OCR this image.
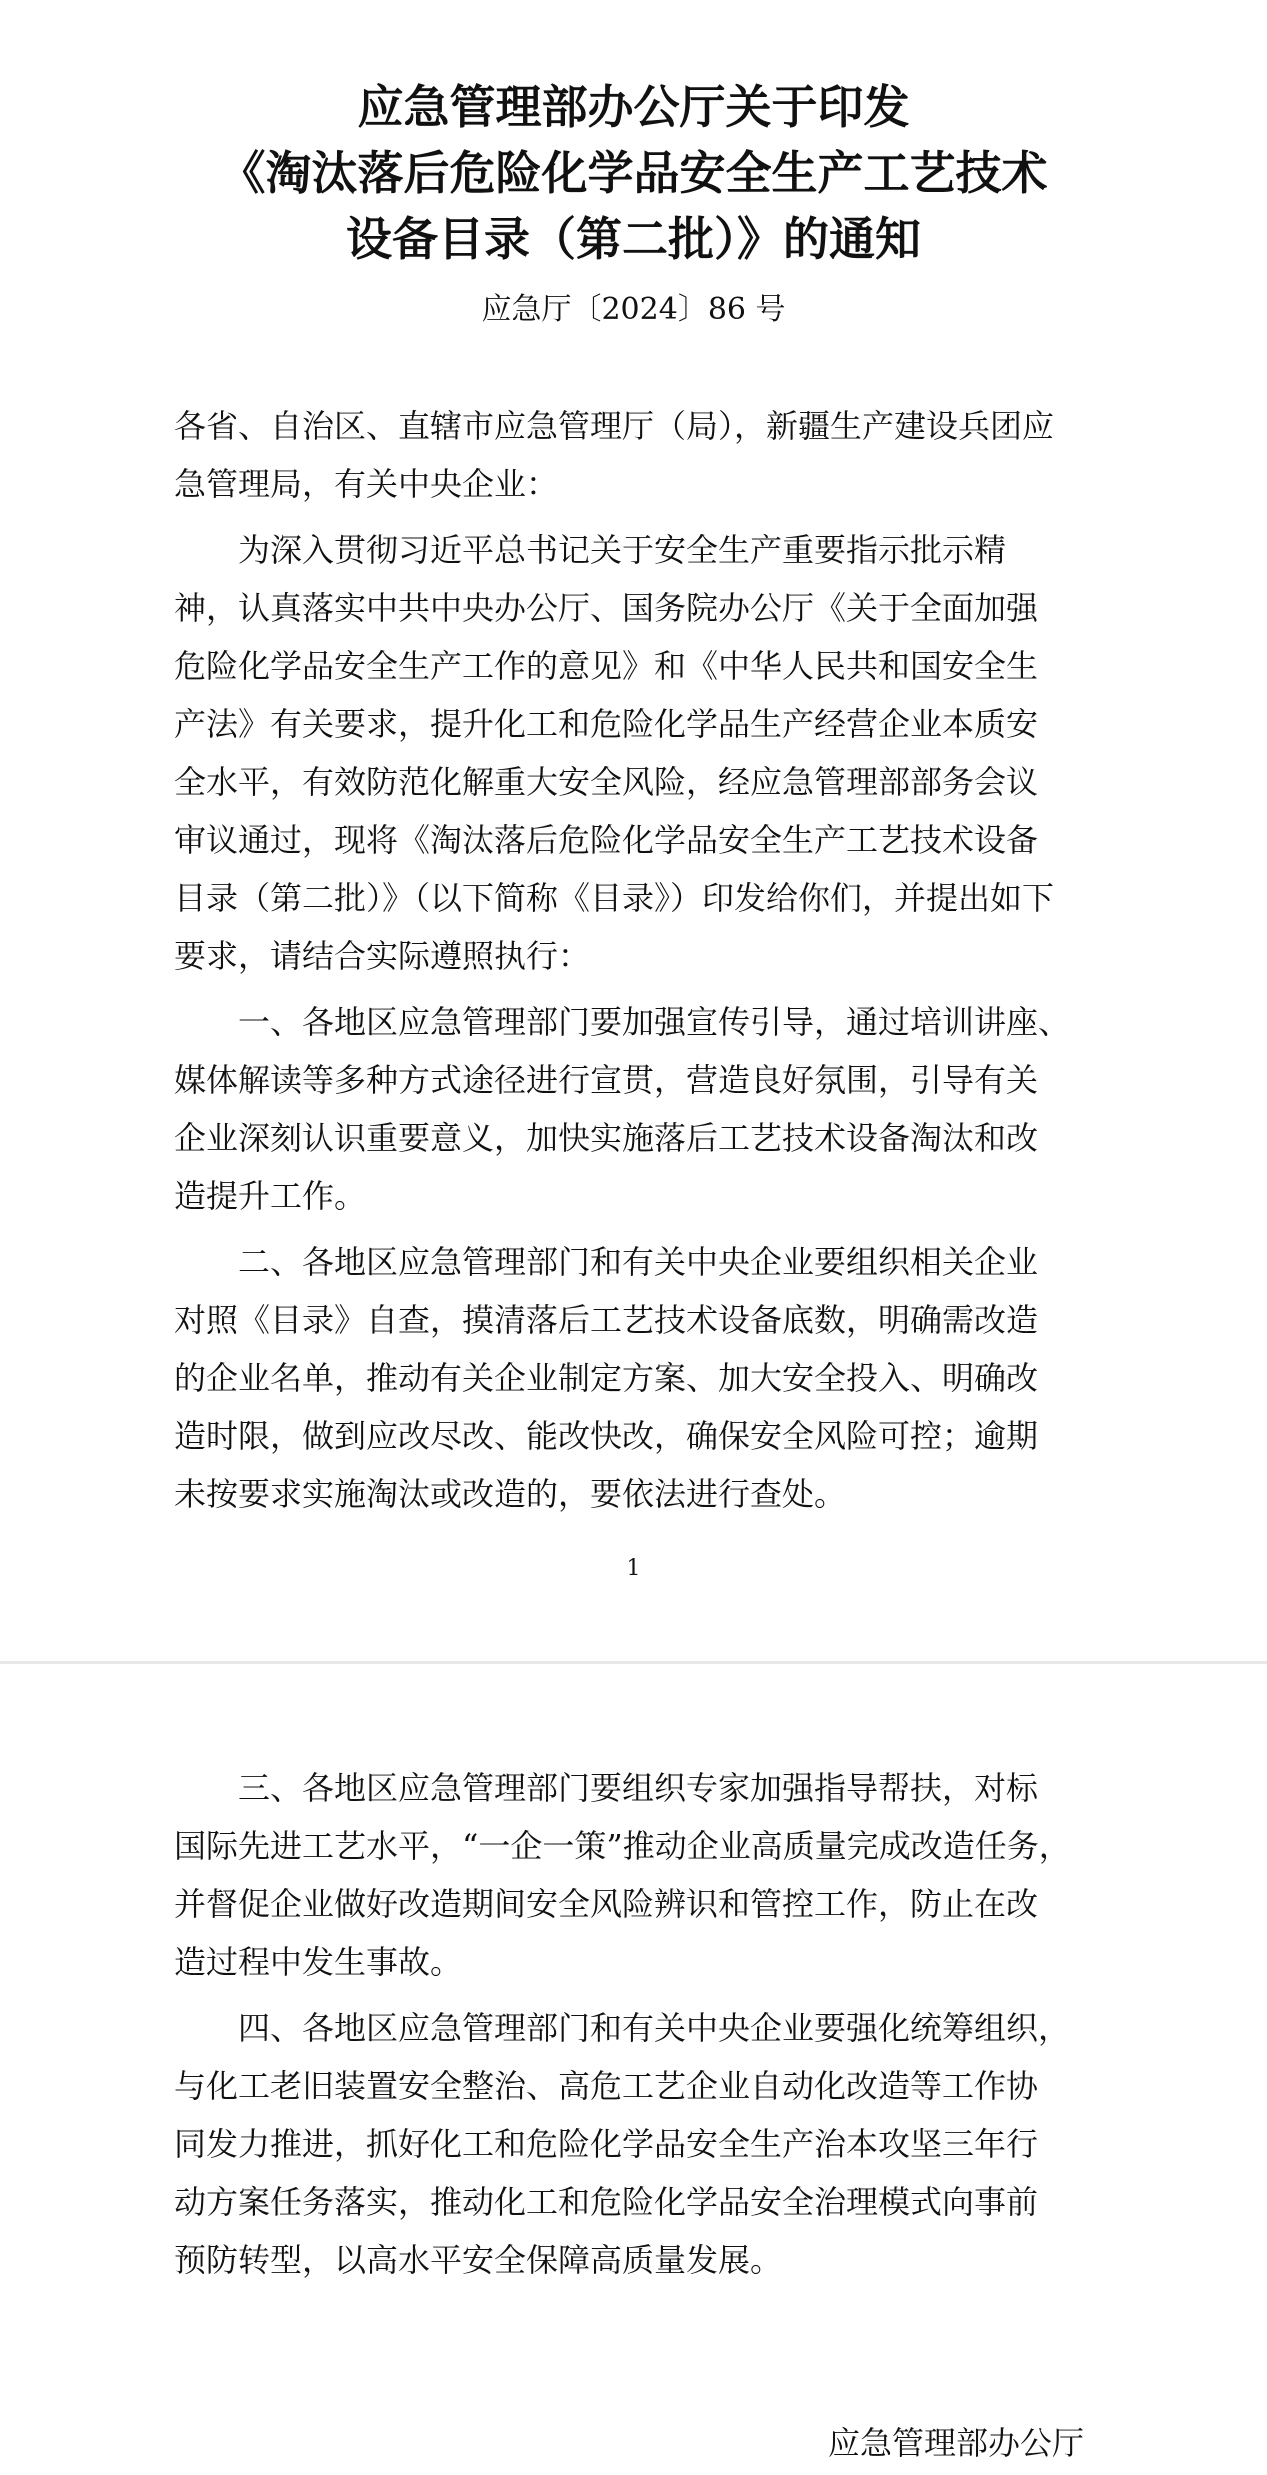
应急管理部办公厅关于印发
《淘汰落后危险化学品安全生产工艺技术
设备目录（第二批）》的通知
应急厅〔2024〕86 号
各省、自治区、直辖市应急管理厅（局），新疆生产建设兵团应
急管理局，有关中央企业：
　　为深入贯彻习近平总书记关于安全生产重要指示批示精
神，认真落实中共中央办公厅、国务院办公厅《关于全面加强
危险化学品安全生产工作的意见》和《中华人民共和国安全生
产法》有关要求，提升化工和危险化学品生产经营企业本质安
全水平，有效防范化解重大安全风险，经应急管理部部务会议
审议通过，现将《淘汰落后危险化学品安全生产工艺技术设备
目录（第二批）》（以下简称《目录》）印发给你们，并提出如下
要求，请结合实际遵照执行：
　　一、各地区应急管理部门要加强宣传引导，通过培训讲座、
媒体解读等多种方式途径进行宣贯，营造良好氛围，引导有关
企业深刻认识重要意义，加快实施落后工艺技术设备淘汰和改
造提升工作。
　　二、各地区应急管理部门和有关中央企业要组织相关企业
对照《目录》自查，摸清落后工艺技术设备底数，明确需改造
的企业名单，推动有关企业制定方案、加大安全投入、明确改
造时限，做到应改尽改、能改快改，确保安全风险可控；逾期
未按要求实施淘汰或改造的，要依法进行查处。
1
　　三、各地区应急管理部门要组织专家加强指导帮扶，对标
国际先进工艺水平，“一企一策”推动企业高质量完成改造任务，
并督促企业做好改造期间安全风险辨识和管控工作，防止在改
造过程中发生事故。
　　四、各地区应急管理部门和有关中央企业要强化统筹组织，
与化工老旧装置安全整治、高危工艺企业自动化改造等工作协
同发力推进，抓好化工和危险化学品安全生产治本攻坚三年行
动方案任务落实，推动化工和危险化学品安全治理模式向事前
预防转型，以高水平安全保障高质量发展。
应急管理部办公厅
